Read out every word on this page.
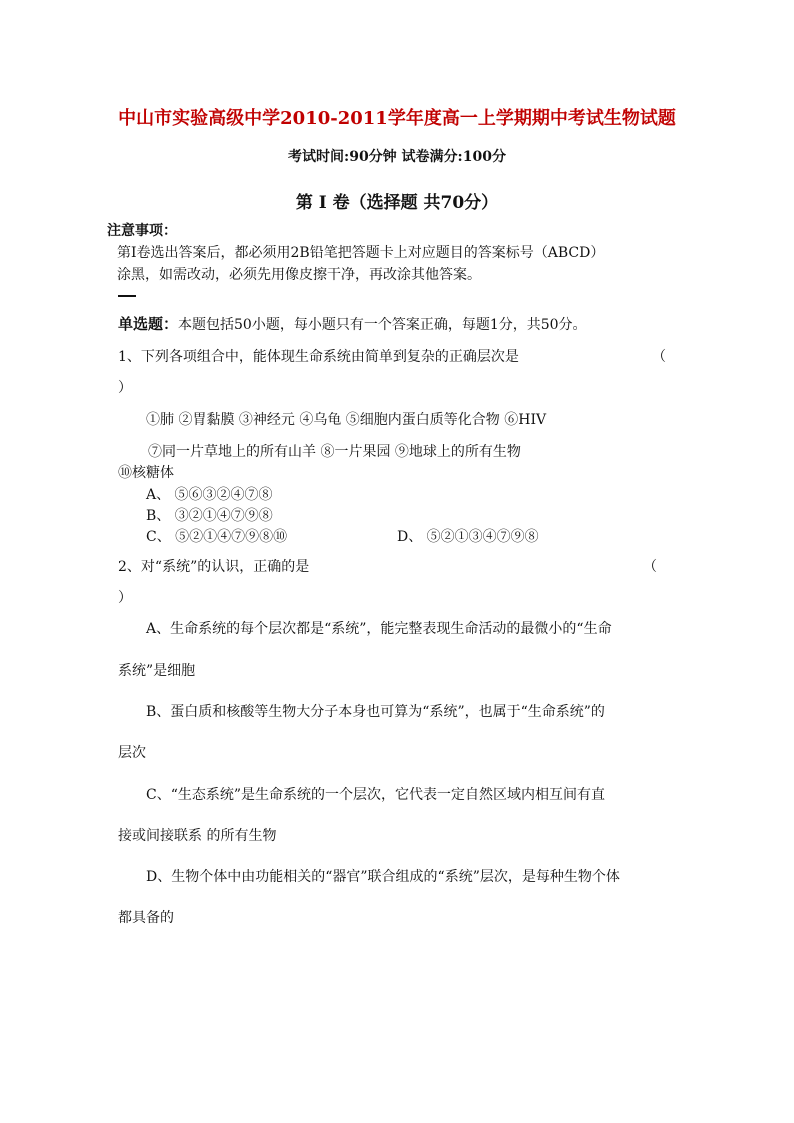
中山市实验高级中学2010-2011学年度高一上学期期中考试生物试题
考试时间:90分钟 试卷满分:100分
第 I 卷（选择题 共70分）
注意事项：
第Ⅰ卷选出答案后，都必须用2B铅笔把答题卡上对应题目的答案标号（ABCD）
涂黑，如需改动，必须先用像皮擦干净，再改涂其他答案。
单选题：本题包括50小题，每小题只有一个答案正确，每题1分，共50分。
1、下列各项组合中，能体现生命系统由简单到复杂的正确层次是	（
）
①肺 ②胃黏膜 ③神经元 ④乌龟 ⑤细胞内蛋白质等化合物 ⑥HIV
⑦同一片草地上的所有山羊 ⑧一片果园 ⑨地球上的所有生物
⑩核糖体
A、 ⑤⑥③②④⑦⑧
B、 ③②①④⑦⑨⑧
C、 ⑤②①④⑦⑨⑧⑩	D、 ⑤②①③④⑦⑨⑧
2、对“系统”的认识，正确的是	（
）
A、生命系统的每个层次都是“系统”，能完整表现生命活动的最微小的“生命
系统”是细胞
B、蛋白质和核酸等生物大分子本身也可算为“系统”，也属于“生命系统”的
层次
C、“生态系统”是生命系统的一个层次，它代表一定自然区域内相互间有直
接或间接联系 的所有生物
D、生物个体中由功能相关的“器官”联合组成的“系统”层次，是每种生物个体
都具备的
